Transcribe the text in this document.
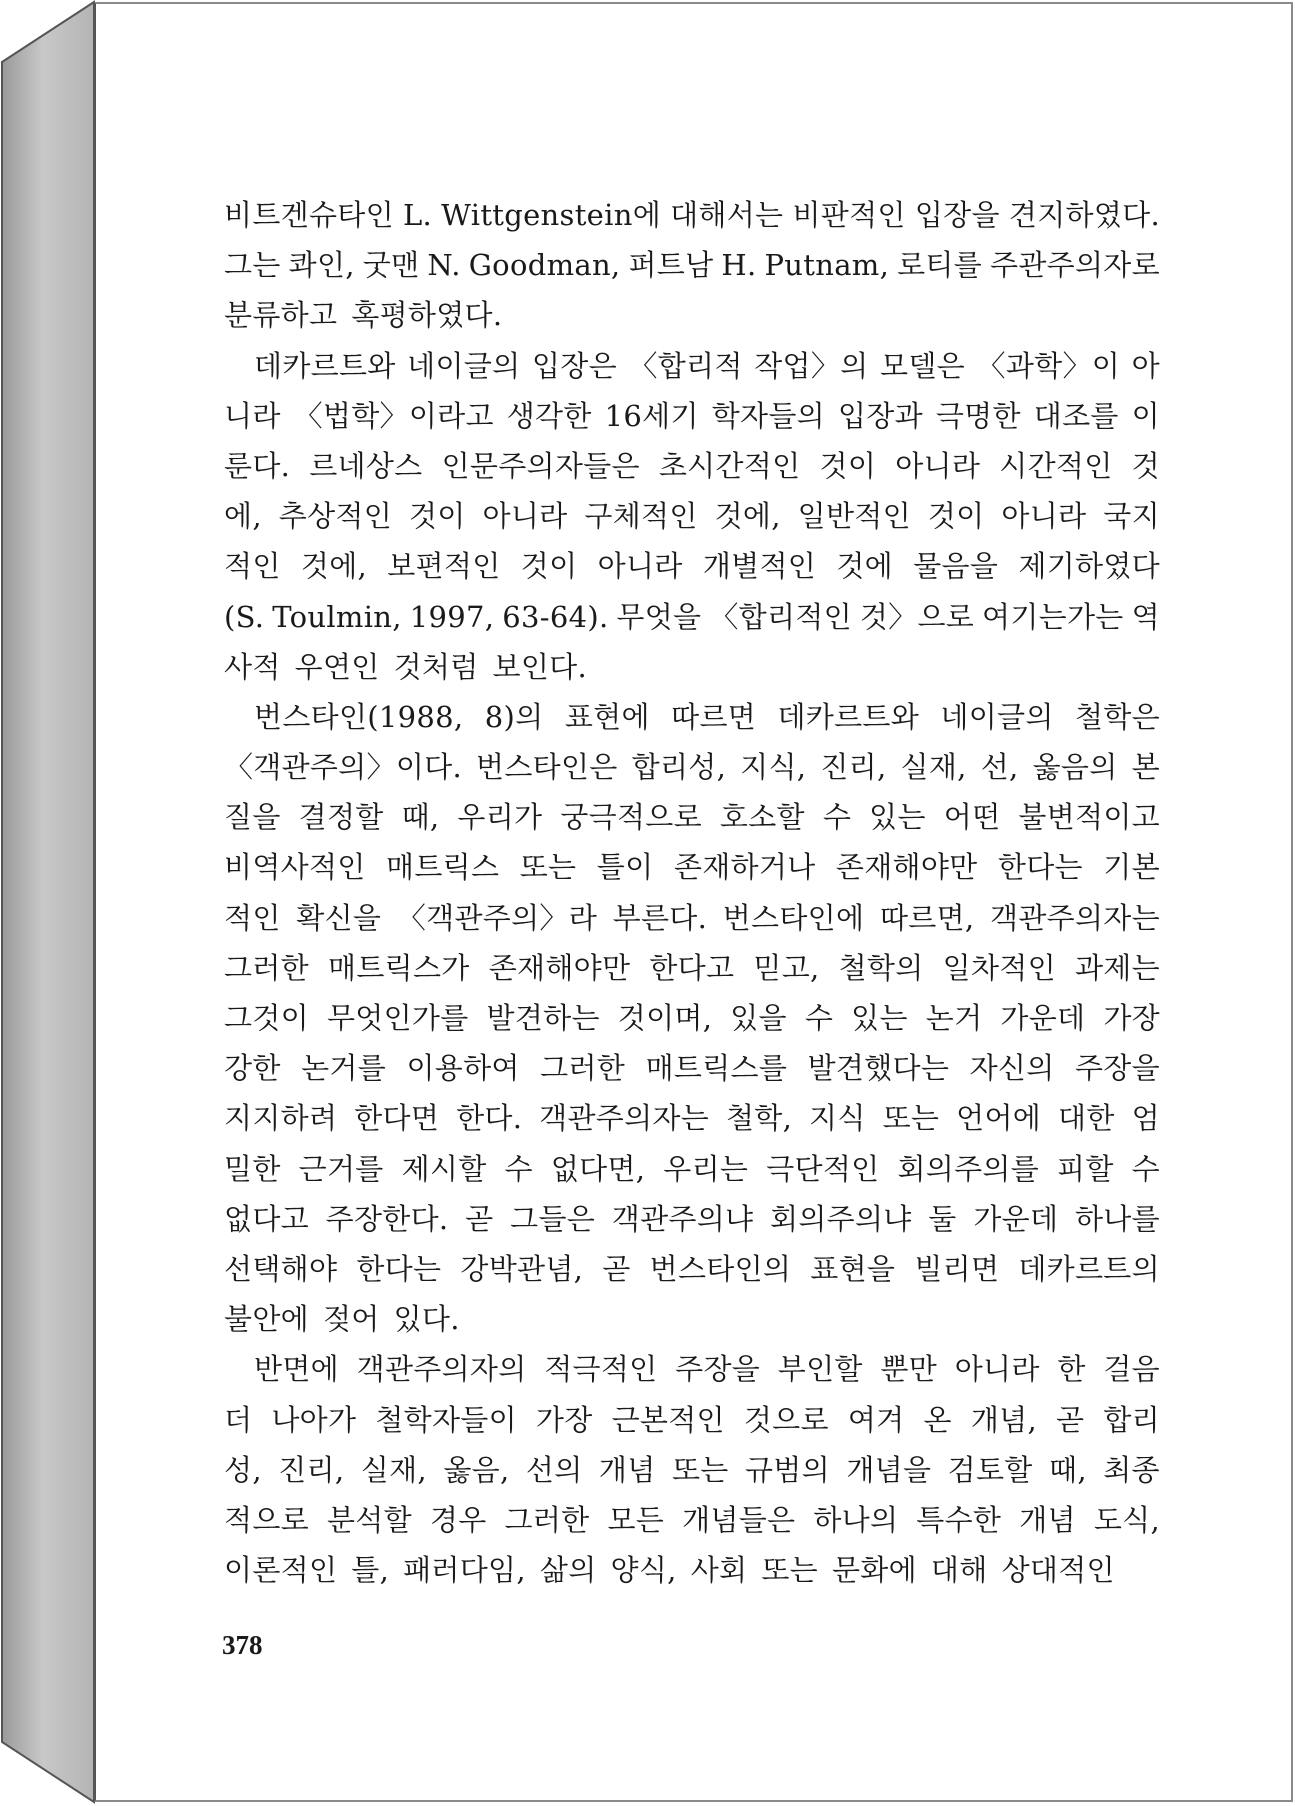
비트겐슈타인 L. Wittgenstein에 대해서는 비판적인 입장을 견지하였다.
그는 콰인, 굿맨 N. Goodman, 퍼트남 H. Putnam, 로티를 주관주의자로
분류하고 혹평하였다.
데카르트와 네이글의 입장은 〈합리적 작업〉의 모델은 〈과학〉이 아
니라 〈법학〉이라고 생각한 16세기 학자들의 입장과 극명한 대조를 이
룬다. 르네상스 인문주의자들은 초시간적인 것이 아니라 시간적인 것
에, 추상적인 것이 아니라 구체적인 것에, 일반적인 것이 아니라 국지
적인 것에, 보편적인 것이 아니라 개별적인 것에 물음을 제기하였다
(S. Toulmin, 1997, 63-64). 무엇을 〈합리적인 것〉으로 여기는가는 역
사적 우연인 것처럼 보인다.
번스타인(1988, 8)의 표현에 따르면 데카르트와 네이글의 철학은
〈객관주의〉이다. 번스타인은 합리성, 지식, 진리, 실재, 선, 옳음의 본
질을 결정할 때, 우리가 궁극적으로 호소할 수 있는 어떤 불변적이고
비역사적인 매트릭스 또는 틀이 존재하거나 존재해야만 한다는 기본
적인 확신을 〈객관주의〉라 부른다. 번스타인에 따르면, 객관주의자는
그러한 매트릭스가 존재해야만 한다고 믿고, 철학의 일차적인 과제는
그것이 무엇인가를 발견하는 것이며, 있을 수 있는 논거 가운데 가장
강한 논거를 이용하여 그러한 매트릭스를 발견했다는 자신의 주장을
지지하려 한다면 한다. 객관주의자는 철학, 지식 또는 언어에 대한 엄
밀한 근거를 제시할 수 없다면, 우리는 극단적인 회의주의를 피할 수
없다고 주장한다. 곧 그들은 객관주의냐 회의주의냐 둘 가운데 하나를
선택해야 한다는 강박관념, 곧 번스타인의 표현을 빌리면 데카르트의
불안에 젖어 있다.
반면에 객관주의자의 적극적인 주장을 부인할 뿐만 아니라 한 걸음
더 나아가 철학자들이 가장 근본적인 것으로 여겨 온 개념, 곧 합리
성, 진리, 실재, 옳음, 선의 개념 또는 규범의 개념을 검토할 때, 최종
적으로 분석할 경우 그러한 모든 개념들은 하나의 특수한 개념 도식,
이론적인 틀, 패러다임, 삶의 양식, 사회 또는 문화에 대해 상대적인
378
